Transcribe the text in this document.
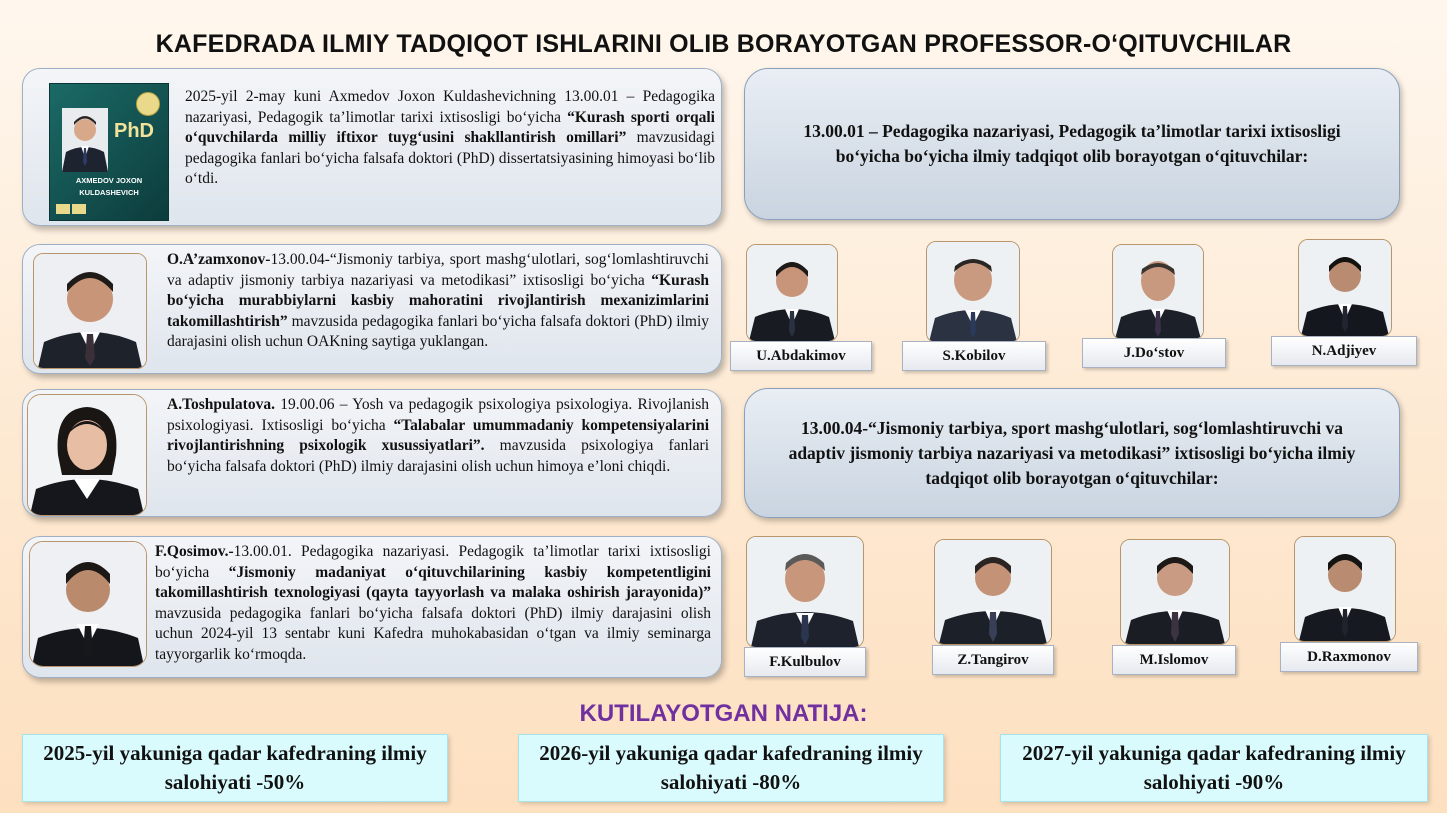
KAFEDRADA ILMIY TADQIQOT ISHLARINI OLIB BORAYOTGAN PROFESSOR-O‘QITUVCHILAR
PhD
AXMEDOV JOXON
KULDASHEVICH
2025-yil 2-may kuni Axmedov Joxon Kuldashevichning 13.00.01 – Pedagogika nazariyasi, Pedagogik ta’limotlar tarixi ixtisosligi bo‘yicha “Kurash sporti orqali o‘quvchilarda milliy iftixor tuyg‘usini shakllantirish omillari” mavzusidagi pedagogika fanlari bo‘yicha falsafa doktori (PhD) dissertatsiyasining himoyasi bo‘lib o‘tdi.
O.A’zamxonov-13.00.04-“Jismoniy tarbiya, sport mashg‘ulotlari, sog‘lomlashtiruvchi va adaptiv jismoniy tarbiya nazariyasi va metodikasi” ixtisosligi bo‘yicha “Kurash bo‘yicha murabbiylarni kasbiy mahoratini rivojlantirish mexanizimlarini takomillashtirish” mavzusida pedagogika fanlari bo‘yicha falsafa doktori (PhD) ilmiy darajasini olish uchun OAKning saytiga yuklangan.
A.Toshpulatova. 19.00.06 – Yosh va pedagogik psixologiya psixologiya. Rivojlanish psixologiyasi. Ixtisosligi bo‘yicha “Talabalar umummadaniy kompetensiyalarini rivojlantirishning psixologik xusussiyatlari”. mavzusida psixologiya fanlari bo‘yicha falsafa doktori (PhD) ilmiy darajasini olish uchun himoya e’loni chiqdi.
F.Qosimov.-13.00.01. Pedagogika nazariyasi. Pedagogik ta’limotlar tarixi ixtisosligi bo‘yicha “Jismoniy madaniyat o‘qituvchilarining kasbiy kompetentligini takomillashtirish texnologiyasi (qayta tayyorlash va malaka oshirish jarayonida)” mavzusida pedagogika fanlari bo‘yicha falsafa doktori (PhD) ilmiy darajasini olish uchun 2024-yil 13 sentabr kuni Kafedra muhokabasidan o‘tgan va ilmiy seminarga tayyorgarlik ko‘rmoqda.
13.00.01 – Pedagogika nazariyasi, Pedagogik ta’limotlar tarixi ixtisosligi bo‘yicha bo‘yicha ilmiy tadqiqot olib borayotgan o‘qituvchilar:
U.Abdakimov	S.Kobilov	J.Do‘stov	N.Adjiyev
13.00.04-“Jismoniy tarbiya, sport mashg‘ulotlari, sog‘lomlashtiruvchi va adaptiv jismoniy tarbiya nazariyasi va metodikasi” ixtisosligi bo‘yicha ilmiy tadqiqot olib borayotgan o‘qituvchilar:
F.Kulbulov	Z.Tangirov	M.Islomov	D.Raxmonov
KUTILAYOTGAN NATIJA:
2025-yil yakuniga qadar kafedraning ilmiy salohiyati -50%
2026-yil yakuniga qadar kafedraning ilmiy salohiyati -80%
2027-yil yakuniga qadar kafedraning ilmiy salohiyati -90%
